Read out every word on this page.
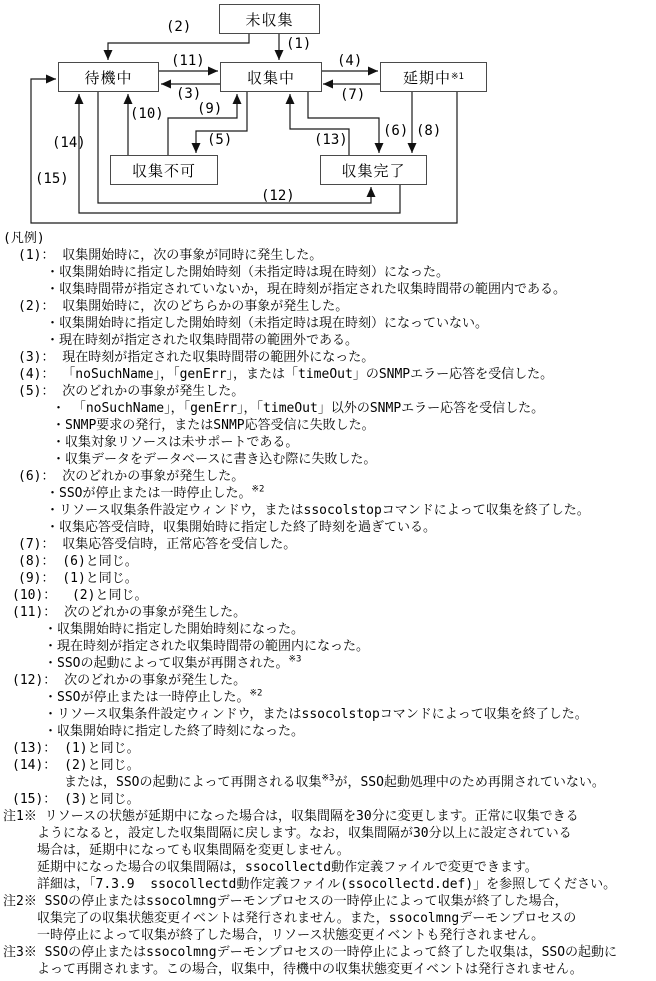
未収集
待機中	収集中	延期中 ※1
収集不可	収集完了
(1)
(2)
(3)
(4)
(5)
(6)
(7)
(8)
(9)
(10)
(11)
(12)
(13)
(14)
(15)
(凡例)
(1)： 収集開始時に，次の事象が同時に発生した。
・収集開始時に指定した開始時刻（未指定時は現在時刻）になった。
・収集時間帯が指定されていないか，現在時刻が指定された収集時間帯の範囲内である。
(2)： 収集開始時に，次のどちらかの事象が発生した。
・収集開始時に指定した開始時刻（未指定時は現在時刻）になっていない。
・現在時刻が指定された収集時間帯の範囲外である。
(3)： 現在時刻が指定された収集時間帯の範囲外になった。
(4)： 「noSuchName」，「genErr」，または「timeOut」のSNMPエラー応答を受信した。
(5)： 次のどれかの事象が発生した。
・ 「noSuchName」，「genErr」，「timeOut」以外のSNMPエラー応答を受信した。
・SNMP要求の発行，またはSNMP応答受信に失敗した。
・収集対象リソースは未サポートである。
・収集データをデータベースに書き込む際に失敗した。
(6)： 次のどれかの事象が発生した。
・SSOが停止または一時停止した。$^{※2}$
・リソース収集条件設定ウィンドウ，またはssocolstopコマンドによって収集を終了した。
・収集応答受信時，収集開始時に指定した終了時刻を過ぎている。
(7)： 収集応答受信時，正常応答を受信した。
(8)： (6)と同じ。
(9)： (1)と同じ。
(10)：  (2)と同じ。
(11)： 次のどれかの事象が発生した。
・収集開始時に指定した開始時刻になった。
・現在時刻が指定された収集時間帯の範囲内になった。
・SSOの起動によって収集が再開された。$^{※3}$
(12)： 次のどれかの事象が発生した。
・SSOが停止または一時停止した。$^{※2}$
・リソース収集条件設定ウィンドウ，またはssocolstopコマンドによって収集を終了した。
・収集開始時に指定した終了時刻になった。
(13)： (1)と同じ。
(14)： (2)と同じ。
または，SSOの起動によって再開される収集$^{※3}$が，SSO起動処理中のため再開されていない。
(15)： (3)と同じ。
注1※ リソースの状態が延期中になった場合は，収集間隔を30分に変更します。正常に収集できる
ようになると，設定した収集間隔に戻します。なお，収集間隔が30分以上に設定されている
場合は，延期中になっても収集間隔を変更しません。
延期中になった場合の収集間隔は，ssocollectd動作定義ファイルで変更できます。
詳細は，「7.3.9  ssocollectd動作定義ファイル(ssocollectd.def)」を参照してください。
注2※ SSOの停止またはssocolmngデーモンプロセスの一時停止によって収集が終了した場合，
収集完了の収集状態変更イベントは発行されません。また，ssocolmngデーモンプロセスの
一時停止によって収集が終了した場合，リソース状態変更イベントも発行されません。
注3※ SSOの停止またはssocolmngデーモンプロセスの一時停止によって終了した収集は，SSOの起動に
よって再開されます。この場合，収集中，待機中の収集状態変更イベントは発行されません。
